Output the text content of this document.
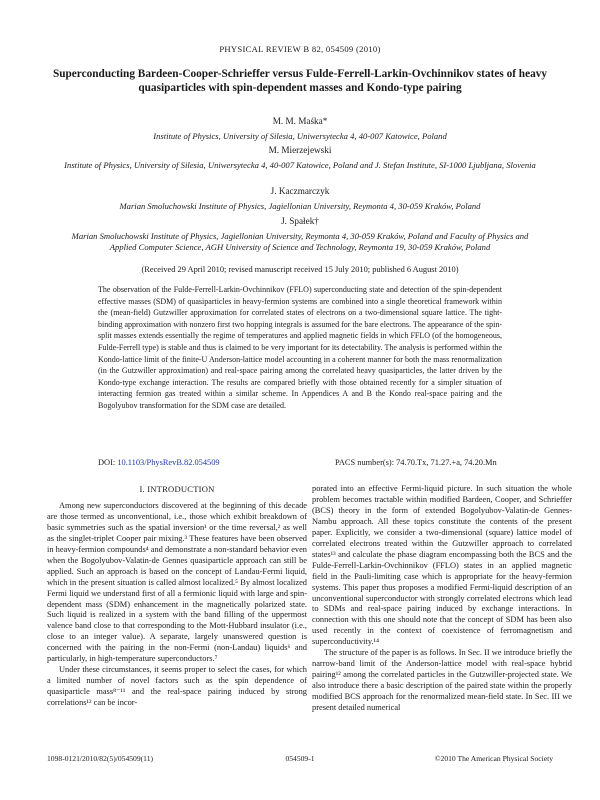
PHYSICAL REVIEW B 82, 054509 (2010)
Superconducting Bardeen-Cooper-Schrieffer versus Fulde-Ferrell-Larkin-Ovchinnikov states of heavy quasiparticles with spin-dependent masses and Kondo-type pairing
M. M. Maśka*
Institute of Physics, University of Silesia, Uniwersytecka 4, 40-007 Katowice, Poland
M. Mierzejewski
Institute of Physics, University of Silesia, Uniwersytecka 4, 40-007 Katowice, Poland and J. Stefan Institute, SI-1000 Ljubljana, Slovenia
J. Kaczmarczyk
Marian Smoluchowski Institute of Physics, Jagiellonian University, Reymonta 4, 30-059 Kraków, Poland
J. Spałek†
Marian Smoluchowski Institute of Physics, Jagiellonian University, Reymonta 4, 30-059 Kraków, Poland and Faculty of Physics and Applied Computer Science, AGH University of Science and Technology, Reymonta 19, 30-059 Kraków, Poland
(Received 29 April 2010; revised manuscript received 15 July 2010; published 6 August 2010)
The observation of the Fulde-Ferrell-Larkin-Ovchinnikov (FFLO) superconducting state and detection of the spin-dependent effective masses (SDM) of quasiparticles in heavy-fermion systems are combined into a single theoretical framework within the (mean-field) Gutzwiller approximation for correlated states of electrons on a two-dimensional square lattice. The tight-binding approximation with nonzero first two hopping integrals is assumed for the bare electrons. The appearance of the spin-split masses extends essentially the regime of temperatures and applied magnetic fields in which FFLO (of the homogeneous, Fulde-Ferrell type) is stable and thus is claimed to be very important for its detectability. The analysis is performed within the Kondo-lattice limit of the finite-U Anderson-lattice model accounting in a coherent manner for both the mass renormalization (in the Gutzwiller approximation) and real-space pairing among the correlated heavy quasiparticles, the latter driven by the Kondo-type exchange interaction. The results are compared briefly with those obtained recently for a simpler situation of interacting fermion gas treated within a similar scheme. In Appendices A and B the Kondo real-space pairing and the Bogolyubov transformation for the SDM case are detailed.
DOI: 10.1103/PhysRevB.82.054509	PACS number(s): 74.70.Tx, 71.27.+a, 74.20.Mn
I. INTRODUCTION

Among new superconductors discovered at the beginning of this decade are those termed as unconventional, i.e., those which exhibit breakdown of basic symmetries such as the spatial inversion¹ or the time reversal,² as well as the singlet-triplet Cooper pair mixing.³ These features have been observed in heavy-fermion compounds⁴ and demonstrate a non-standard behavior even when the Bogolyubov-Valatin-de Gennes quasiparticle approach can still be applied. Such an approach is based on the concept of Landau-Fermi liquid, which in the present situation is called almost localized.⁵ By almost localized Fermi liquid we understand first of all a fermionic liquid with large and spin-dependent mass (SDM) enhancement in the magnetically polarized state. Such liquid is realized in a system with the band filling of the uppermost valence band close to that corresponding to the Mott-Hubbard insulator (i.e., close to an integer value). A separate, largely unanswered question is concerned with the pairing in the non-Fermi (non-Landau) liquids⁶ and particularly, in high-temperature superconductors.⁷

Under these circumstances, it seems proper to select the cases, for which a limited number of novel factors such as the spin dependence of quasiparticle mass⁸⁻¹¹ and the real-space pairing induced by strong correlations¹² can be incor-

porated into an effective Fermi-liquid picture. In such situation the whole problem becomes tractable within modified Bardeen, Cooper, and Schrieffer (BCS) theory in the form of extended Bogolyubov-Valatin-de Gennes-Nambu approach. All these topics constitute the contents of the present paper. Explicitly, we consider a two-dimensional (square) lattice model of correlated electrons treated within the Gutzwiller approach to correlated states¹³ and calculate the phase diagram encompassing both the BCS and the Fulde-Ferrell-Larkin-Ovchinnikov (FFLO) states in an applied magnetic field in the Pauli-limiting case which is appropriate for the heavy-fermion systems. This paper thus proposes a modified Fermi-liquid description of an unconventional superconductor with strongly correlated electrons which lead to SDMs and real-space pairing induced by exchange interactions. In connection with this one should note that the concept of SDM has been also used recently in the context of coexistence of ferromagnetism and superconductivity.¹⁴

The structure of the paper is as follows. In Sec. II we introduce briefly the narrow-band limit of the Anderson-lattice model with real-space hybrid pairing¹² among the correlated particles in the Gutzwiller-projected state. We also introduce there a basic description of the paired state within the properly modified BCS approach for the renormalized mean-field state. In Sec. III we present detailed numerical

1098-0121/2010/82(5)/054509(11)	054509-1	©2010 The American Physical Society
